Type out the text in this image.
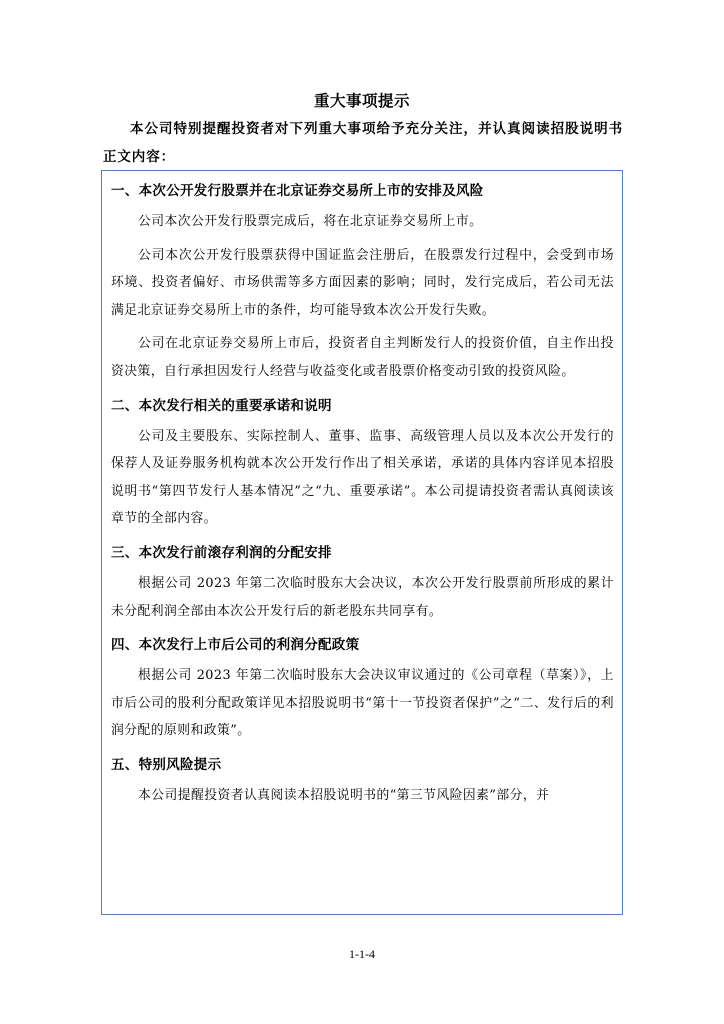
重大事项提示
本公司特别提醒投资者对下列重大事项给予充分关注，并认真阅读招股说明书正文内容：
一、本次公开发行股票并在北京证券交易所上市的安排及风险

公司本次公开发行股票完成后，将在北京证券交易所上市。

公司本次公开发行股票获得中国证监会注册后，在股票发行过程中，会受到市场环境、投资者偏好、市场供需等多方面因素的影响；同时，发行完成后，若公司无法满足北京证券交易所上市的条件，均可能导致本次公开发行失败。

公司在北京证券交易所上市后，投资者自主判断发行人的投资价值，自主作出投资决策，自行承担因发行人经营与收益变化或者股票价格变动引致的投资风险。

二、本次发行相关的重要承诺和说明

公司及主要股东、实际控制人、董事、监事、高级管理人员以及本次公开发行的保荐人及证券服务机构就本次公开发行作出了相关承诺，承诺的具体内容详见本招股说明书“第四节发行人基本情况”之“九、重要承诺”。本公司提请投资者需认真阅读该章节的全部内容。

三、本次发行前滚存利润的分配安排

根据公司 2023 年第二次临时股东大会决议，本次公开发行股票前所形成的累计未分配利润全部由本次公开发行后的新老股东共同享有。

四、本次发行上市后公司的利润分配政策

根据公司 2023 年第二次临时股东大会决议审议通过的《公司章程（草案）》，上市后公司的股利分配政策详见本招股说明书“第十一节投资者保护”之“二、发行后的利润分配的原则和政策”。

五、特别风险提示

本公司提醒投资者认真阅读本招股说明书的“第三节风险因素”部分，并

1-1-4
